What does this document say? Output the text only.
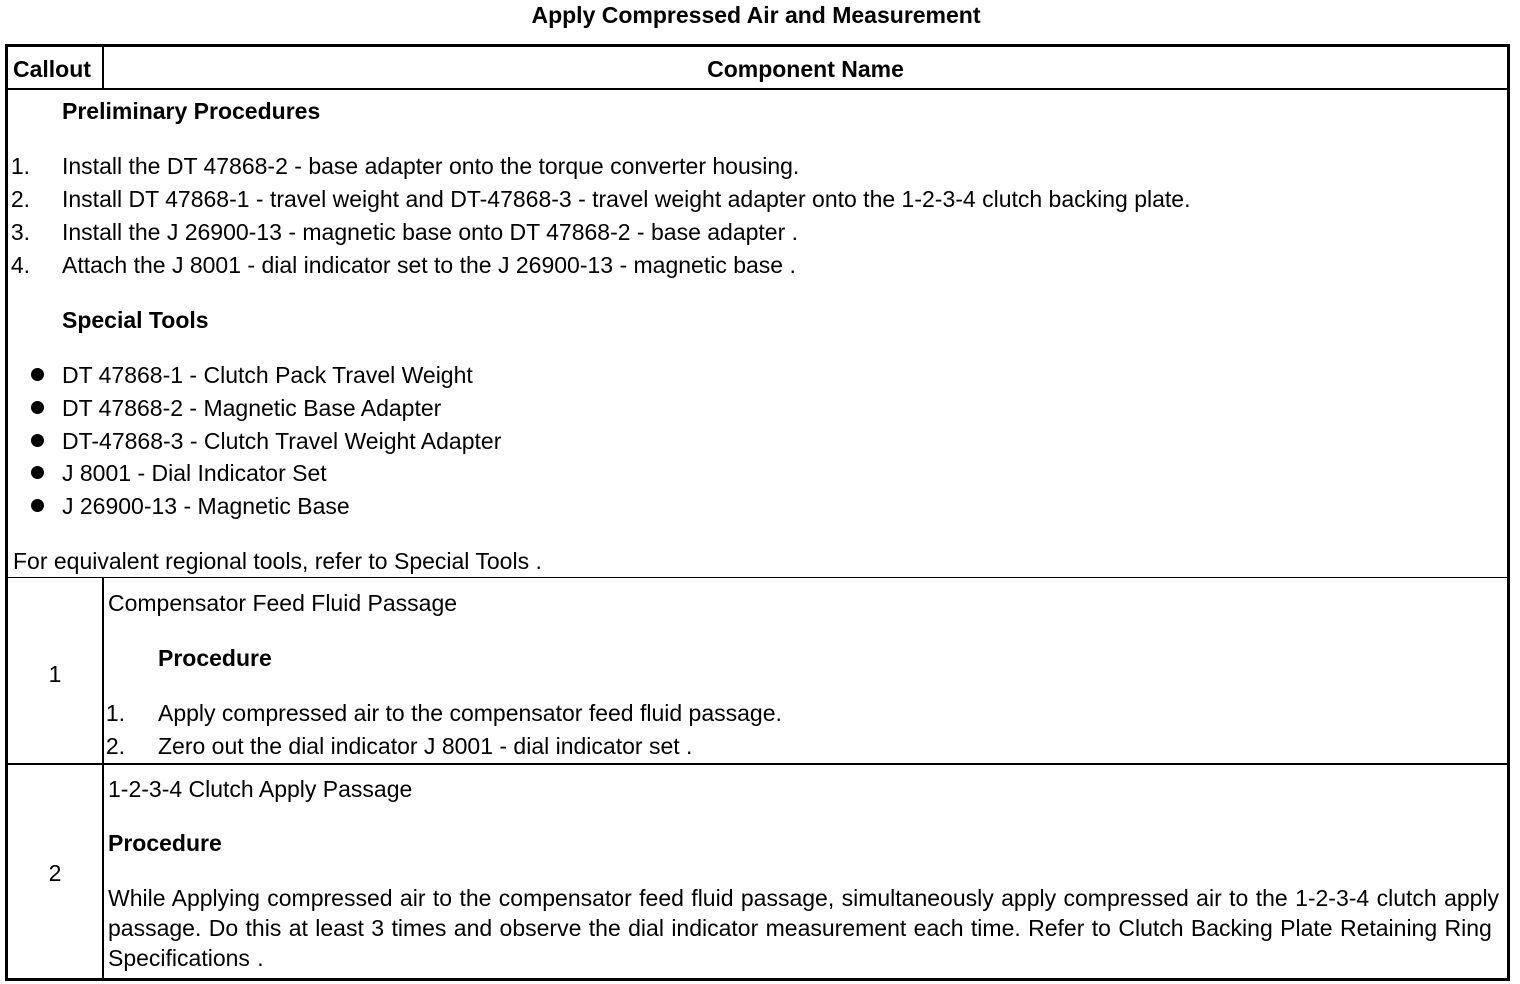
Apply Compressed Air and Measurement
Callout	Component Name
Preliminary Procedures
1. Install the DT 47868-2 - base adapter onto the torque converter housing.
2. Install DT 47868-1 - travel weight and DT-47868-3 - travel weight adapter onto the 1-2-3-4 clutch backing plate.
3. Install the J 26900-13 - magnetic base onto DT 47868-2 - base adapter .
4. Attach the J 8001 - dial indicator set to the J 26900-13 - magnetic base .
Special Tools
DT 47868-1 - Clutch Pack Travel Weight
DT 47868-2 - Magnetic Base Adapter
DT-47868-3 - Clutch Travel Weight Adapter
J 8001 - Dial Indicator Set
J 26900-13 - Magnetic Base
For equivalent regional tools, refer to Special Tools .
1
Compensator Feed Fluid Passage
Procedure
1. Apply compressed air to the compensator feed fluid passage.
2. Zero out the dial indicator J 8001 - dial indicator set .
2
1-2-3-4 Clutch Apply Passage
Procedure
While Applying compressed air to the compensator feed fluid passage, simultaneously apply compressed air to the 1-2-3-4 clutch apply passage. Do this at least 3 times and observe the dial indicator measurement each time. Refer to Clutch Backing Plate Retaining Ring Specifications .
